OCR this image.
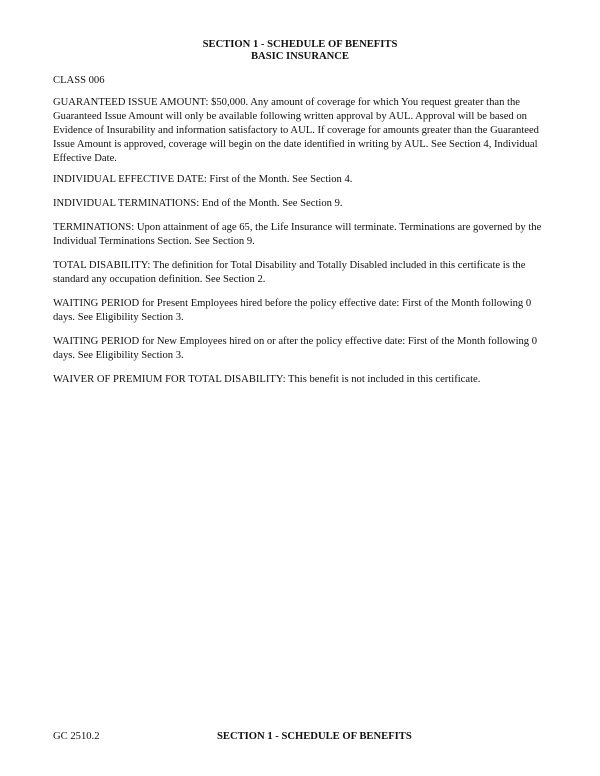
SECTION 1 - SCHEDULE OF BENEFITS
BASIC INSURANCE

CLASS 006

GUARANTEED ISSUE AMOUNT: $50,000. Any amount of coverage for which You request greater than the Guaranteed Issue Amount will only be available following written approval by AUL. Approval will be based on Evidence of Insurability and information satisfactory to AUL. If coverage for amounts greater than the Guaranteed Issue Amount is approved, coverage will begin on the date identified in writing by AUL. See Section 4, Individual Effective Date.

INDIVIDUAL EFFECTIVE DATE: First of the Month. See Section 4.

INDIVIDUAL TERMINATIONS: End of the Month. See Section 9.

TERMINATIONS: Upon attainment of age 65, the Life Insurance will terminate. Terminations are governed by the Individual Terminations Section. See Section 9.

TOTAL DISABILITY: The definition for Total Disability and Totally Disabled included in this certificate is the standard any occupation definition. See Section 2.

WAITING PERIOD for Present Employees hired before the policy effective date: First of the Month following 0 days. See Eligibility Section 3.

WAITING PERIOD for New Employees hired on or after the policy effective date: First of the Month following 0 days. See Eligibility Section 3.

WAIVER OF PREMIUM FOR TOTAL DISABILITY: This benefit is not included in this certificate.

GC 2510.2	SECTION 1 - SCHEDULE OF BENEFITS
